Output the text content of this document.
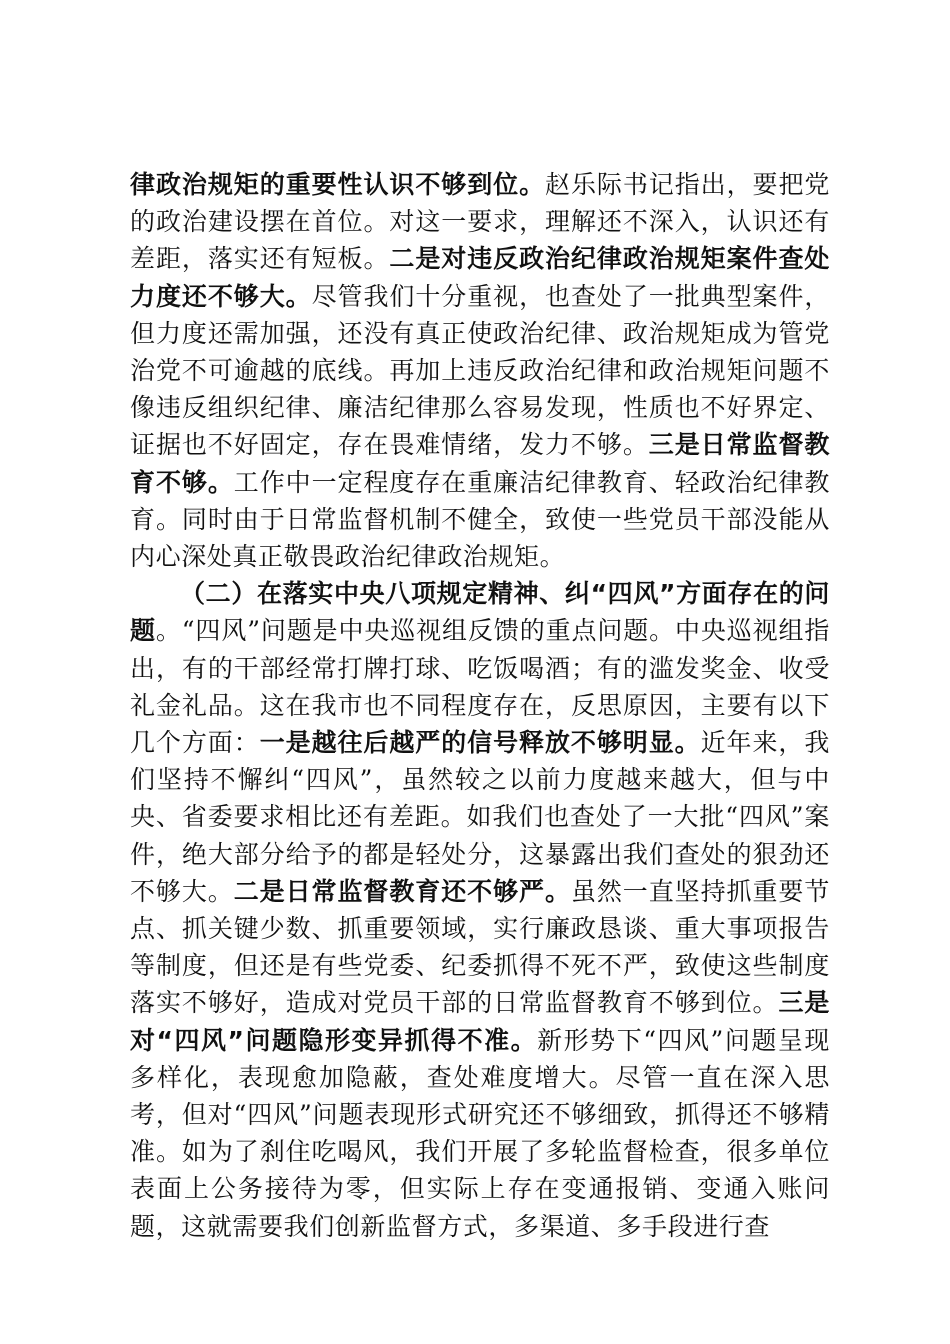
律政治规矩的重要性认识不够到位。赵乐际书记指出，要把党的政治建设摆在首位。对这一要求，理解还不深入，认识还有差距，落实还有短板。二是对违反政治纪律政治规矩案件查处力度还不够大。尽管我们十分重视，也查处了一批典型案件，但力度还需加强，还没有真正使政治纪律、政治规矩成为管党治党不可逾越的底线。再加上违反政治纪律和政治规矩问题不像违反组织纪律、廉洁纪律那么容易发现，性质也不好界定、证据也不好固定，存在畏难情绪，发力不够。三是日常监督教育不够。工作中一定程度存在重廉洁纪律教育、轻政治纪律教育。同时由于日常监督机制不健全，致使一些党员干部没能从内心深处真正敬畏政治纪律政治规矩。

（二）在落实中央八项规定精神、纠“四风”方面存在的问题。“四风”问题是中央巡视组反馈的重点问题。中央巡视组指出，有的干部经常打牌打球、吃饭喝酒；有的滥发奖金、收受礼金礼品。这在我市也不同程度存在，反思原因，主要有以下几个方面：一是越往后越严的信号释放不够明显。近年来，我们坚持不懈纠“四风”，虽然较之以前力度越来越大，但与中央、省委要求相比还有差距。如我们也查处了一大批“四风”案件，绝大部分给予的都是轻处分，这暴露出我们查处的狠劲还不够大。二是日常监督教育还不够严。虽然一直坚持抓重要节点、抓关键少数、抓重要领域，实行廉政恳谈、重大事项报告等制度，但还是有些党委、纪委抓得不死不严，致使这些制度落实不够好，造成对党员干部的日常监督教育不够到位。三是对“四风”问题隐形变异抓得不准。新形势下“四风”问题呈现多样化，表现愈加隐蔽，查处难度增大。尽管一直在深入思考，但对“四风”问题表现形式研究还不够细致，抓得还不够精准。如为了刹住吃喝风，我们开展了多轮监督检查，很多单位表面上公务接待为零，但实际上存在变通报销、变通入账问题，这就需要我们创新监督方式，多渠道、多手段进行查
